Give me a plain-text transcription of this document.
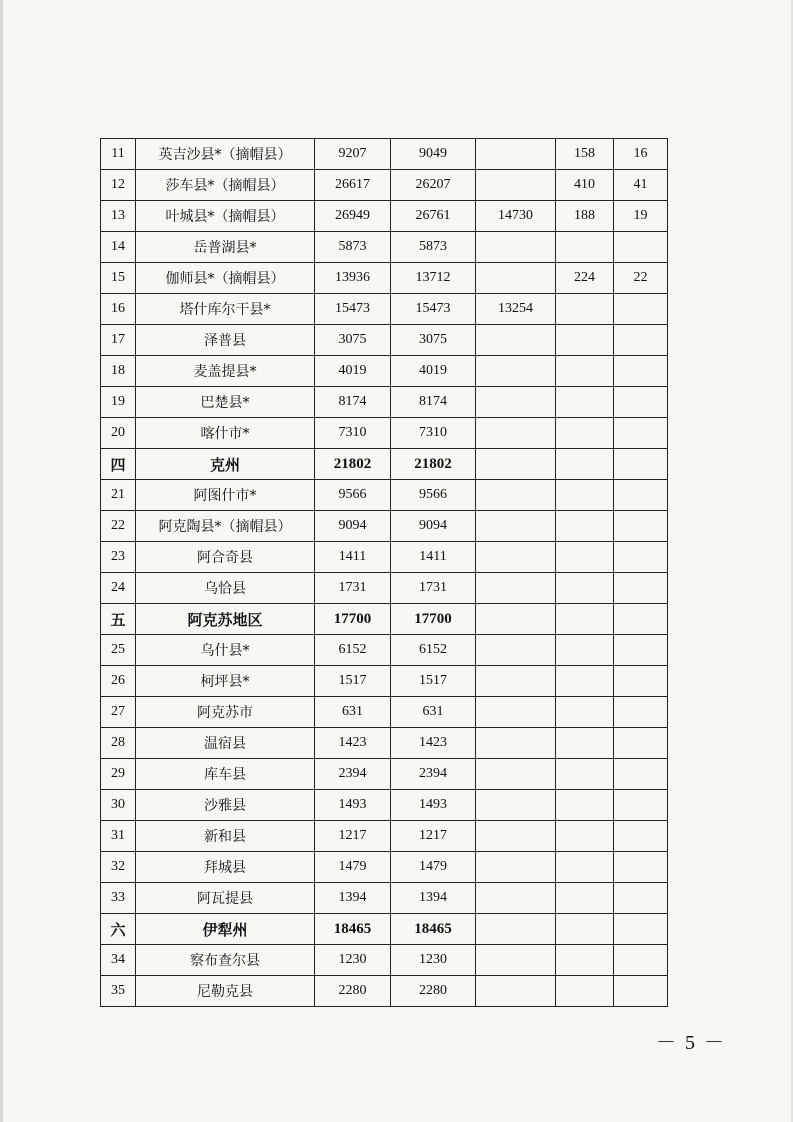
11	英吉沙县*（摘帽县）	9207	9049		158	16
12	莎车县*（摘帽县）	26617	26207		410	41
13	叶城县*（摘帽县）	26949	26761	14730	188	19
14	岳普湖县*	5873	5873			
15	伽师县*（摘帽县）	13936	13712		224	22
16	塔什库尔干县*	15473	15473	13254		
17	泽普县	3075	3075			
18	麦盖提县*	4019	4019			
19	巴楚县*	8174	8174			
20	喀什市*	7310	7310			
四	克州	21802	21802			
21	阿图什市*	9566	9566			
22	阿克陶县*（摘帽县）	9094	9094			
23	阿合奇县	1411	1411			
24	乌恰县	1731	1731			
五	阿克苏地区	17700	17700			
25	乌什县*	6152	6152			
26	柯坪县*	1517	1517			
27	阿克苏市	631	631			
28	温宿县	1423	1423			
29	库车县	2394	2394			
30	沙雅县	1493	1493			
31	新和县	1217	1217			
32	拜城县	1479	1479			
33	阿瓦提县	1394	1394			
六	伊犁州	18465	18465			
34	察布查尔县	1230	1230			
35	尼勒克县	2280	2280			
－ 5 －
